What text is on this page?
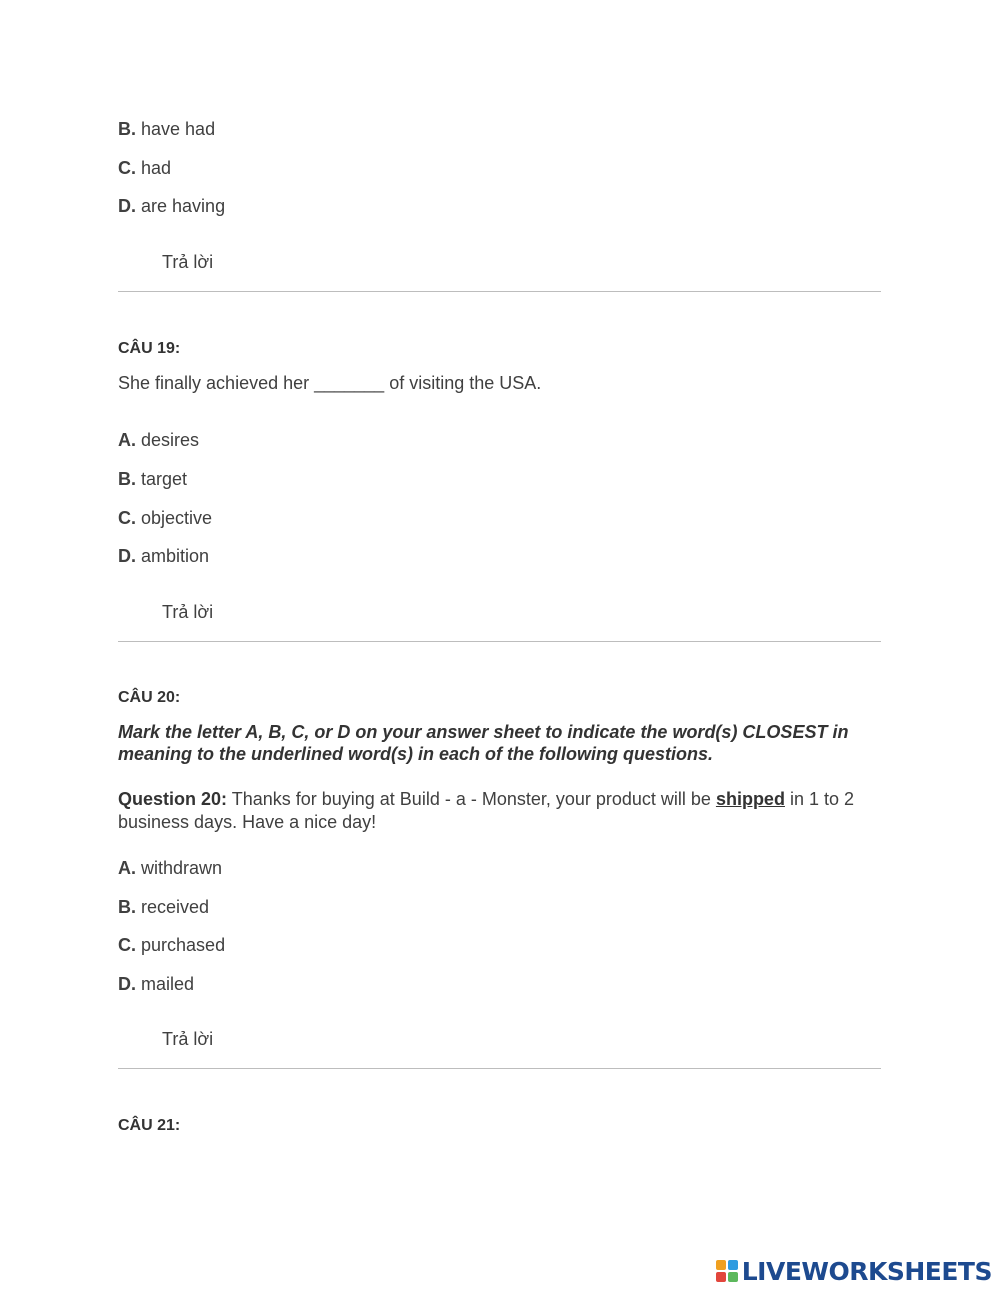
B. have had
C. had
D. are having
Trả lời
CÂU 19:
She finally achieved her _______ of visiting the USA.
A. desires
B. target
C. objective
D. ambition
Trả lời
CÂU 20:
Mark the letter A, B, C, or D on your answer sheet to indicate the word(s) CLOSEST in meaning to the underlined word(s) in each of the following questions.
Question 20: Thanks for buying at Build - a - Monster, your product will be shipped in 1 to 2 business days. Have a nice day!
A. withdrawn
B. received
C. purchased
D. mailed
Trả lời
CÂU 21:
LIVEWORKSHEETS
